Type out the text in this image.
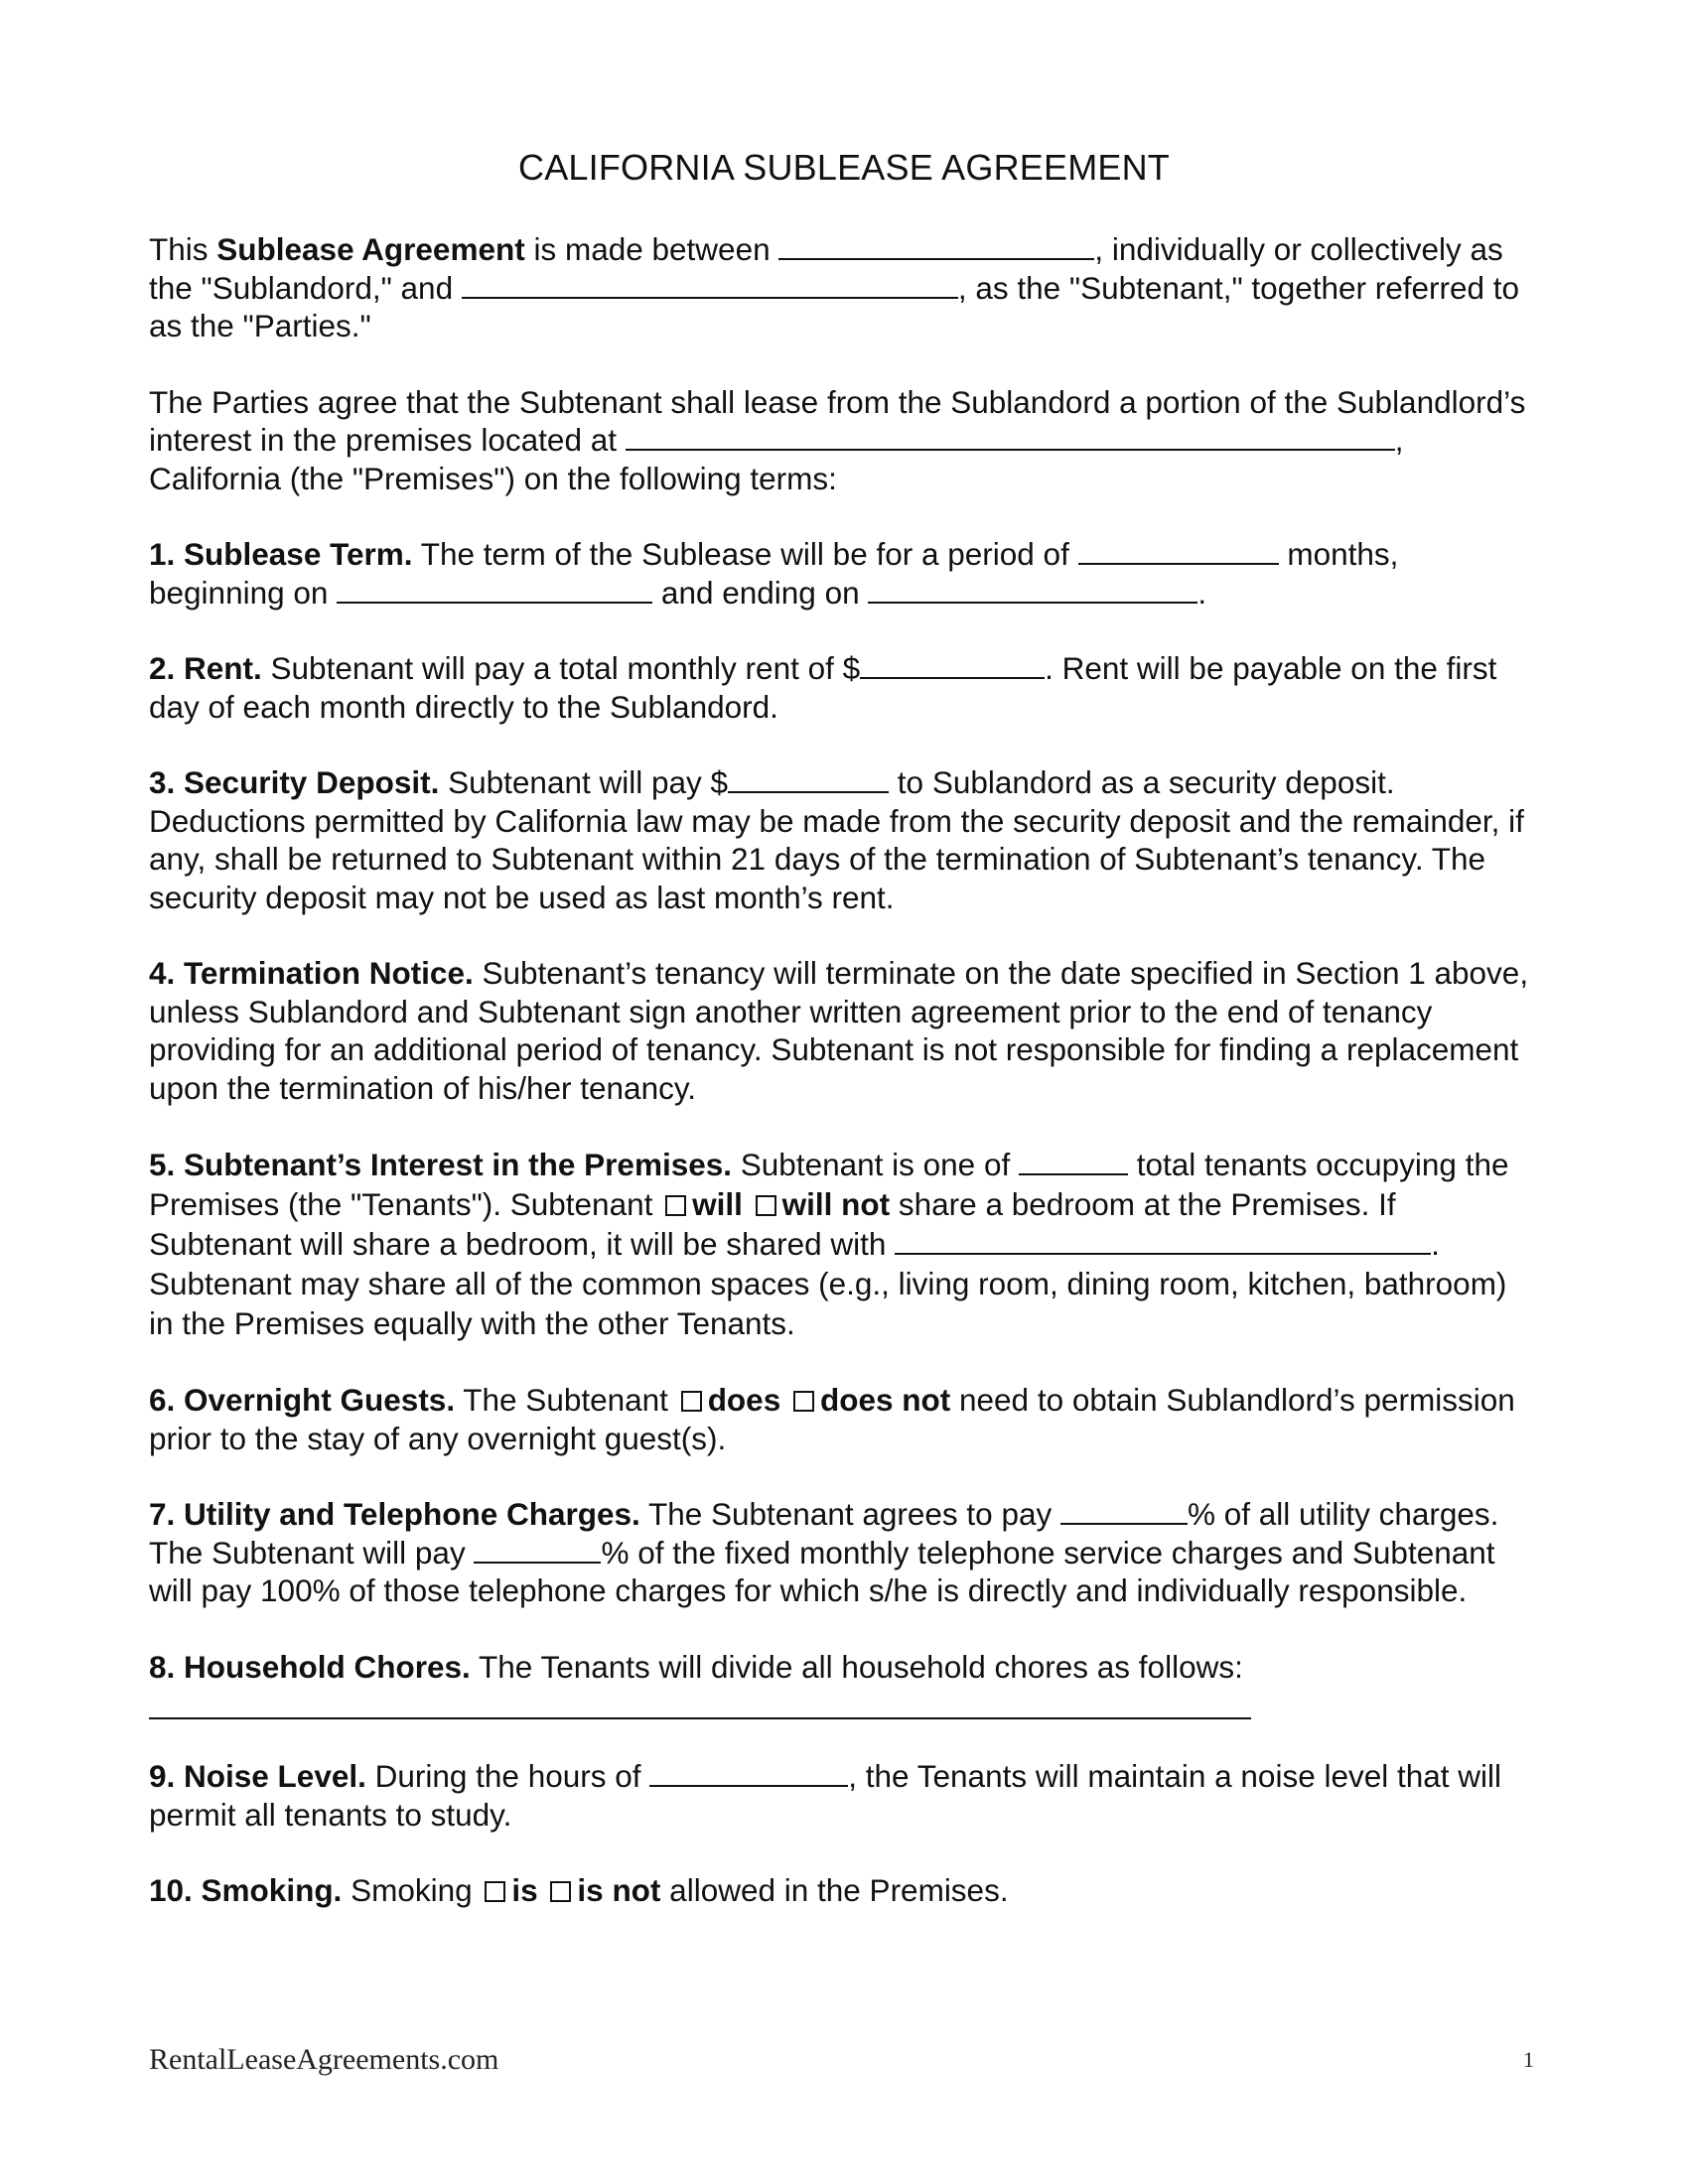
CALIFORNIA SUBLEASE AGREEMENT

This Sublease Agreement is made between	, individually or collectively as the "Sublandord," and	, as the "Subtenant," together referred to as the "Parties."

The Parties agree that the Subtenant shall lease from the Sublandord a portion of the Sublandlord’s interest in the premises located at	, California (the "Premises") on the following terms:

1. Sublease Term. The term of the Sublease will be for a period of	months, beginning on	and ending on	.

2. Rent. Subtenant will pay a total monthly rent of $	. Rent will be payable on the first day of each month directly to the Sublandord.

3. Security Deposit. Subtenant will pay $	to Sublandord as a security deposit. Deductions permitted by California law may be made from the security deposit and the remainder, if any, shall be returned to Subtenant within 21 days of the termination of Subtenant’s tenancy. The security deposit may not be used as last month’s rent.

4. Termination Notice. Subtenant’s tenancy will terminate on the date specified in Section 1 above, unless Sublandord and Subtenant sign another written agreement prior to the end of tenancy providing for an additional period of tenancy. Subtenant is not responsible for finding a replacement upon the termination of his/her tenancy.

5. Subtenant’s Interest in the Premises. Subtenant is one of	total tenants occupying the Premises (the "Tenants"). Subtenant will will not share a bedroom at the Premises. If Subtenant will share a bedroom, it will be shared with	. Subtenant may share all of the common spaces (e.g., living room, dining room, kitchen, bathroom) in the Premises equally with the other Tenants.

6. Overnight Guests. The Subtenant does does not need to obtain Sublandlord’s permission prior to the stay of any overnight guest(s).

7. Utility and Telephone Charges. The Subtenant agrees to pay	% of all utility charges. The Subtenant will pay	% of the fixed monthly telephone service charges and Subtenant will pay 100% of those telephone charges for which s/he is directly and individually responsible.

8. Household Chores. The Tenants will divide all household chores as follows:

9. Noise Level. During the hours of	, the Tenants will maintain a noise level that will permit all tenants to study.

10. Smoking. Smoking is is not allowed in the Premises.

RentalLeaseAgreements.com	1
